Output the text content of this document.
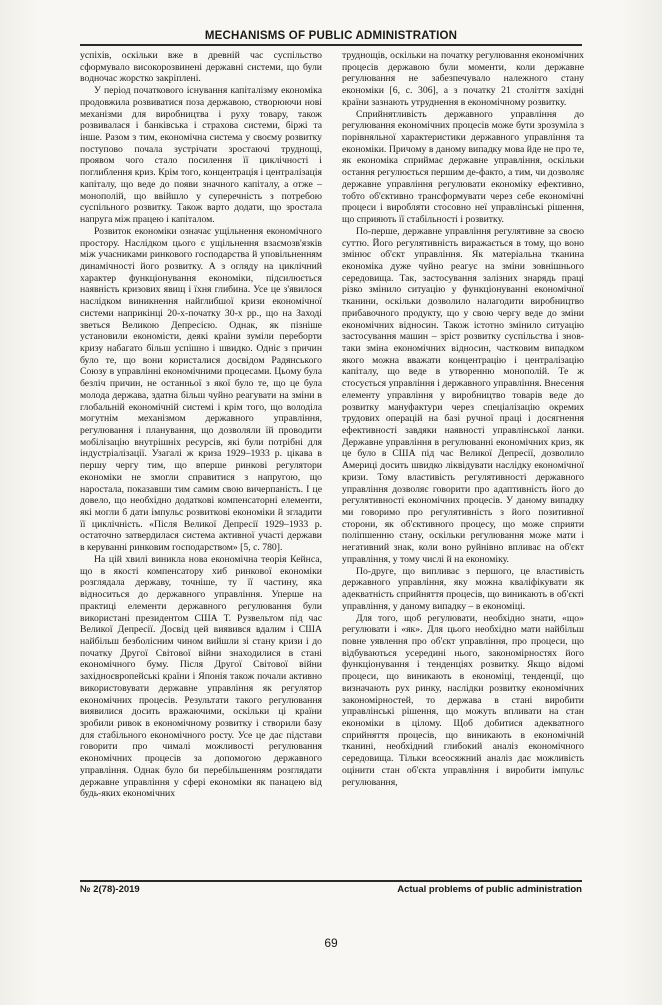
MECHANISMS OF PUBLIC ADMINISTRATION

успіхів, оскільки вже в древній час суспільство сформувало високорозвинені державні системи, що були водночас жорстко закріплені.

У період початкового існування капіталізму економіка продовжила розвиватися поза державою, створюючи нові механізми для виробництва і руху товару, також розвивалася і банківська і страхова системи, біржі та інше. Разом з тим, економічна система у своєму розвитку поступово почала зустрічати зростаючі труднощі, проявом чого стало посилення її циклічності і поглиблення криз. Крім того, концентрація і централізація капіталу, що веде до появи значного капіталу, а отже – монополій, що ввійшло у суперечність з потребою суспільного розвитку. Також варто додати, що зростала напруга між працею і капіталом.

Розвиток економіки означає ущільнення економічного простору. Наслідком цього є ущільнення взаємозв'язків між учасниками ринкового господарства й уповільненням динамічності його розвитку. А з огляду на циклічний характер функціонування економіки, підсилюється наявність кризових явищ і їхня глибина. Усе це з'явилося наслідком виникнення найглибшої кризи економічної системи наприкінці 20-х-початку 30-х рр., що на Заході зветься Великою Депресією. Однак, як пізніше установили економісти, деякі країни зуміли переборти кризу набагато більш успішно і швидко. Одніє з причин було те, що вони користалися досвідом Радянського Союзу в управлінні економічними процесами. Цьому була безліч причин, не останньої з якої було те, що це була молода держава, здатна більш чуйно реагувати на зміни в глобальній економічній системі і крім того, що володіла могутнім механізмом державного управління, регулювання і планування, що дозволяли їй проводити мобілізацію внутрішніх ресурсів, які були потрібні для індустріалізації. Узагалі ж криза 1929–1933 р. цікава в першу чергу тим, що вперше ринкові регулятори економіки не змогли справитися з напругою, що наростала, показавши тим самим свою вичерпаність. І це довело, що необхідно додаткові компенсаторні елементи, які могли б дати імпульс розвиткові економіки й згладити її циклічність. «Після Великої Депресії 1929–1933 р. остаточно затвердилася система активної участі держави в керуванні ринковим господарством» [5, с. 780].

На цій хвилі виникла нова економічна теорія Кейнса, що в якості компенсатору хиб ринкової економіки розглядала державу, точніше, ту її частину, яка відноситься до державного управління. Уперше на практиці елементи державного регулювання були використані президентом США Т. Рузвельтом під час Великої Депресії. Досвід цей виявився вдалим і США найбільш безболісним чином вийшли зі стану кризи і до початку Другої Світової війни знаходилися в стані економічного буму. Після Другої Світової війни західноєвропейські країни і Японія також почали активно використовувати державне управління як регулятор економічних процесів. Результати такого регулювання виявилися досить вражаючими, оскільки ці країни зробили ривок в економічному розвитку і створили базу для стабільного економічного росту. Усе це дає підстави говорити про чималі можливості регулювання економічних процесів за допомогою державного управління. Однак було би перебільшенням розглядати державне управління у сфері економіки як панацею від будь-яких економічних

труднощів, оскільки на початку регулювання економічних процесів державою були моменти, коли державне регулювання не забезпечувало належного стану економіки [6, с. 306], а з початку 21 століття західні країни зазнають утруднення в економічному розвитку.

Сприйнятливість державного управління до регулювання економічних процесів може бути зрозуміла з порівняльної характеристики державного управління та економіки. Причому в даному випадку мова йде не про те, як економіка сприймає державне управління, оскільки остання регулюється першим де-факто, а тим, чи дозволяє державне управління регулювати економіку ефективно, тобто об'єктивно трансформувати через себе економічні процеси і виробляти стосовно неї управлінські рішення, що сприяють її стабільності і розвитку.

По-перше, державне управління регулятивне за своєю суттю. Його регулятивність виражається в тому, що воно змінює об'єкт управління. Як матеріальна тканина економіка дуже чуйно реагує на зміни зовнішнього середовища. Так, застосування залізних знарядь праці різко змінило ситуацію у функціонуванні економічної тканини, оскільки дозволило налагодити виробництво прибавочного продукту, що у свою чергу веде до зміни економічних відносин. Також істотно змінило ситуацію застосування машин – зріст розвитку суспільства і знов-таки зміна економічних відносин, частковим випадком якого можна вважати концентрацію і централізацію капіталу, що веде в утворенню монополій. Те ж стосується управління і державного управління. Внесення елементу управління у виробництво товарів веде до розвитку мануфактури через спеціалізацію окремих трудових операцій на базі ручної праці і досягнення ефективності завдяки наявності управлінської ланки. Державне управління в регулюванні економічних криз, як це було в США під час Великої Депресії, дозволило Америці досить швидко ліквідувати наслідку економічної кризи. Тому властивість регулятивності державного управління дозволяє говорити про адаптивність його до регулятивності економічних процесів. У даному випадку ми говоримо про регулятивність з його позитивної сторони, як об'єктивного процесу, що може сприяти поліпшенню стану, оскільки регулювання може мати і негативний знак, коли воно руйнівно впливає на об'єкт управління, у тому числі й на економіку.

По-друге, що випливає з першого, це властивість державного управління, яку можна кваліфікувати як адекватність сприйняття процесів, що виникають в об'єкті управління, у даному випадку – в економіці.

Для того, щоб регулювати, необхідно знати, «що» регулювати і «як». Для цього необхідно мати найбільш повне уявлення про об'єкт управління, про процеси, що відбуваються усередині нього, закономірностях його функціонування і тенденціях розвитку. Якщо відомі процеси, що виникають в економіці, тенденції, що визначають рух ринку, наслідки розвитку економічних закономірностей, то держава в стані виробити управлінські рішення, що можуть впливати на стан економіки в цілому. Щоб добитися адекватного сприйняття процесів, що виникають в економічній тканині, необхідний глибокий аналіз економічного середовища. Тільки всеосяжний аналіз дає можливість оцінити стан об'єкта управління і виробити імпульс регулювання,

№ 2(78)-2019	Actual problems of public administration
69
